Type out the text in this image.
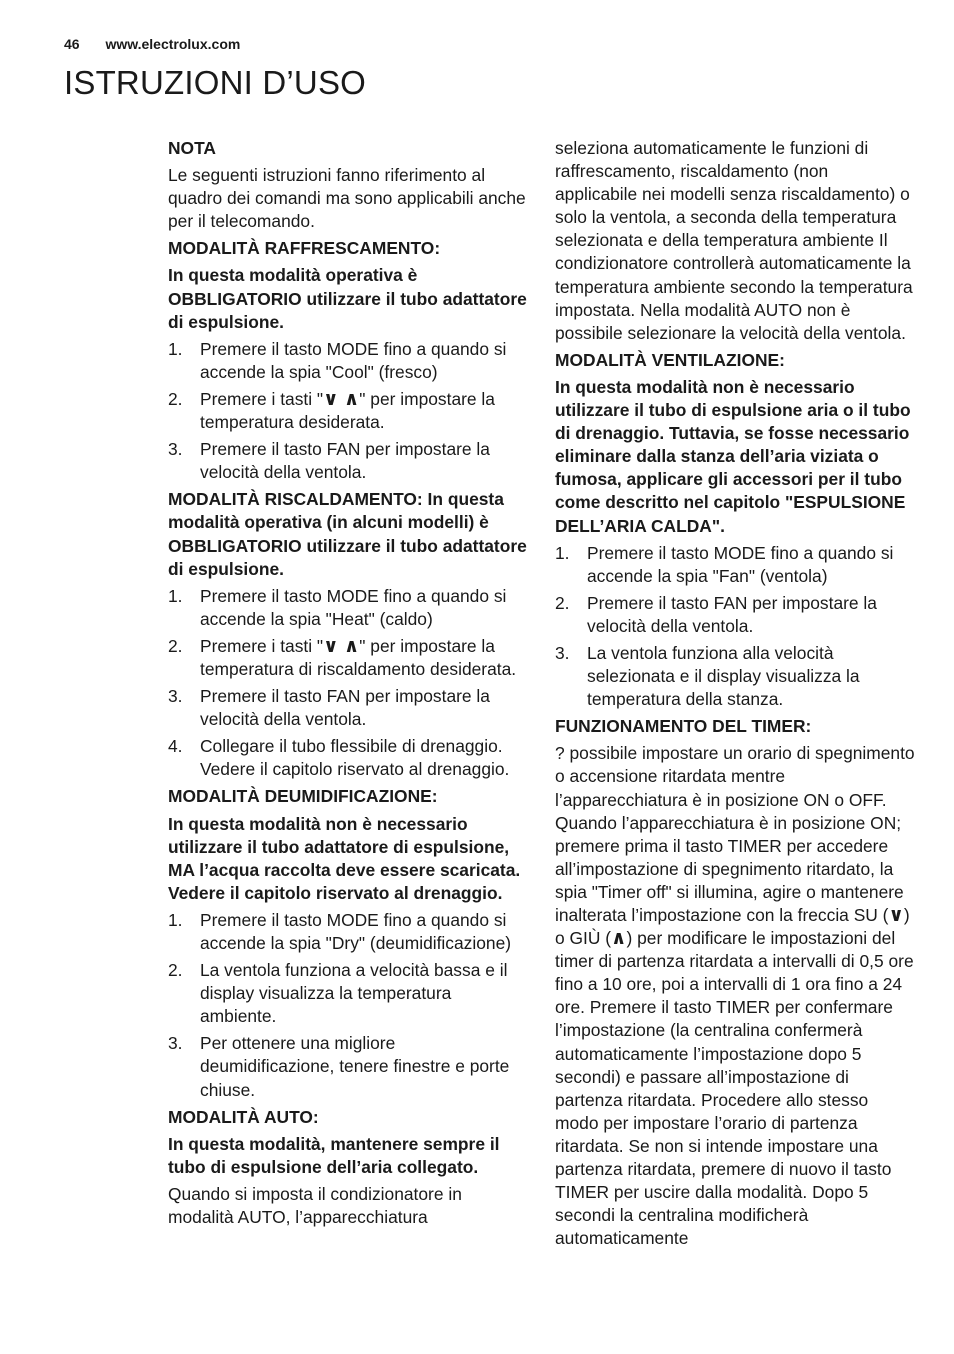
46 www.electrolux.com
ISTRUZIONI D’USO

NOTA

Le seguenti istruzioni fanno riferimento al quadro dei comandi ma sono applicabili anche per il telecomando.

MODALITÀ RAFFRESCAMENTO:

In questa modalità operativa è OBBLIGATORIO utilizzare il tubo adattatore di espulsione.

1. Premere il tasto MODE fino a quando si accende la spia "Cool" (fresco)
2. Premere i tasti "∨ ∧" per impostare la temperatura desiderata.
3. Premere il tasto FAN per impostare la velocità della ventola.

MODALITÀ RISCALDAMENTO: In questa modalità operativa (in alcuni modelli) è OBBLIGATORIO utilizzare il tubo adattatore di espulsione.

1. Premere il tasto MODE fino a quando si accende la spia "Heat" (caldo)
2. Premere i tasti "∨ ∧" per impostare la temperatura di riscaldamento desiderata.
3. Premere il tasto FAN per impostare la velocità della ventola.
4. Collegare il tubo flessibile di drenaggio. Vedere il capitolo riservato al drenaggio.

MODALITÀ DEUMIDIFICAZIONE:

In questa modalità non è necessario utilizzare il tubo adattatore di espulsione, MA l’acqua raccolta deve essere scaricata. Vedere il capitolo riservato al drenaggio.

1. Premere il tasto MODE fino a quando si accende la spia "Dry" (deumidificazione)
2. La ventola funziona a velocità bassa e il display visualizza la temperatura ambiente.
3. Per ottenere una migliore deumidificazione, tenere finestre e porte chiuse.

MODALITÀ AUTO:

In questa modalità, mantenere sempre il tubo di espulsione dell’aria collegato.

Quando si imposta il condizionatore in modalità AUTO, l’apparecchiatura

seleziona automaticamente le funzioni di raffrescamento, riscaldamento (non applicabile nei modelli senza riscaldamento) o solo la ventola, a seconda della temperatura selezionata e della temperatura ambiente Il condizionatore controllerà automaticamente la temperatura ambiente secondo la temperatura impostata. Nella modalità AUTO non è possibile selezionare la velocità della ventola.

MODALITÀ VENTILAZIONE:

In questa modalità non è necessario utilizzare il tubo di espulsione aria o il tubo di drenaggio. Tuttavia, se fosse necessario eliminare dalla stanza dell’aria viziata o fumosa, applicare gli accessori per il tubo come descritto nel capitolo "ESPULSIONE DELL’ARIA CALDA".

1. Premere il tasto MODE fino a quando si accende la spia "Fan" (ventola)
2. Premere il tasto FAN per impostare la velocità della ventola.
3. La ventola funziona alla velocità selezionata e il display visualizza la temperatura della stanza.

FUNZIONAMENTO DEL TIMER:

? possibile impostare un orario di spegnimento o accensione ritardata mentre l’apparecchiatura è in posizione ON o OFF. Quando l’apparecchiatura è in posizione ON; premere prima il tasto TIMER per accedere all’impostazione di spegnimento ritardato, la spia "Timer off" si illumina, agire o mantenere inalterata l’impostazione con la freccia SU (∨) o GIÙ (∧) per modificare le impostazioni del timer di partenza ritardata a intervalli di 0,5 ore fino a 10 ore, poi a intervalli di 1 ora fino a 24 ore. Premere il tasto TIMER per confermare l’impostazione (la centralina confermerà automaticamente l’impostazione dopo 5 secondi) e passare all’impostazione di partenza ritardata. Procedere allo stesso modo per impostare l’orario di partenza ritardata. Se non si intende impostare una partenza ritardata, premere di nuovo il tasto TIMER per uscire dalla modalità. Dopo 5 secondi la centralina modificherà automaticamente
